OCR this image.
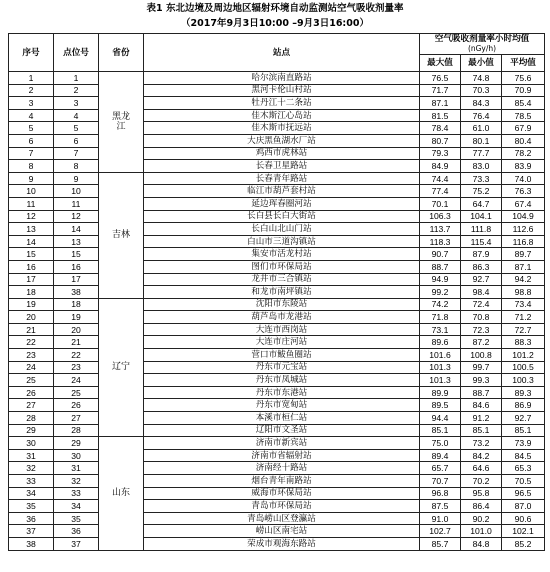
表1 东北边境及周边地区辐射环境自动监测站空气吸收剂量率
（2017年9月3日10:00 –9月3日16:00）
序号	点位号	省份	站点	空气吸收剂量率小时均值
(nGy/h)		

				最大值	最小值	平均值
1	1	黑龙江	哈尔滨南直路站	76.5	74.8	75.6
2	2		黑河卡伦山村站	71.7	70.3	70.9
3	3		牡丹江十二条站	87.1	84.3	85.4
4	4		佳木斯江心岛站	81.5	76.4	78.5
5	5		佳木斯市抚远站	78.4	61.0	67.9
6	6		大庆黑鱼湖水厂站	80.7	80.1	80.4
7	7		鸡西市虎林站	79.3	77.7	78.2
8	8		长春卫星路站	84.9	83.0	83.9
9	9	吉林	长春青年路站	74.4	73.3	74.0
10	10		临江市葫芦套村站	77.4	75.2	76.3
11	11		延边珲春圈河站	70.1	64.7	67.4
12	12		长白县长白大街站	106.3	104.1	104.9
13	14		长白山北山门站	113.7	111.8	112.6
14	13		白山市三道沟镇站	118.3	115.4	116.8
15	15		集安市活龙村站	90.7	87.9	89.7
16	16		图们市环保局站	88.7	86.3	87.1
17	17		龙井市三合镇站	94.9	92.7	94.2
18	38		和龙市南坪镇站	99.2	98.4	98.8
19	18	辽宁	沈阳市东陵站	74.2	72.4	73.4
20	19		葫芦岛市龙港站	71.8	70.8	71.2
21	20		大连市西岗站	73.1	72.3	72.7
22	21		大连市庄河站	89.6	87.2	88.3
23	22		营口市鲅鱼圈站	101.6	100.8	101.2
24	23		丹东市元宝站	101.3	99.7	100.5
25	24		丹东市凤城站	101.3	99.3	100.3
26	25		丹东市东港站	89.9	88.7	89.3
27	26		丹东市宽甸站	89.5	84.6	86.9
28	27		本溪市桓仁站	94.4	91.2	92.7
29	28		辽阳市文圣站	85.1	85.1	85.1
30	29	山东	济南市新宾站	75.0	73.2	73.9
31	30		济南市省辐射站	89.4	84.2	84.5
32	31		济南经十路站	65.7	64.6	65.3
33	32		烟台青年南路站	70.7	70.2	70.5
34	33		威海市环保局站	96.8	95.8	96.5
35	34		青岛市环保局站	87.5	86.4	87.0
36	35		青岛崂山区登瀛站	91.0	90.2	90.6
37	36		崂山区南宅站	102.7	101.0	102.1
38	37		荣成市观海东路站	85.7	84.8	85.2
